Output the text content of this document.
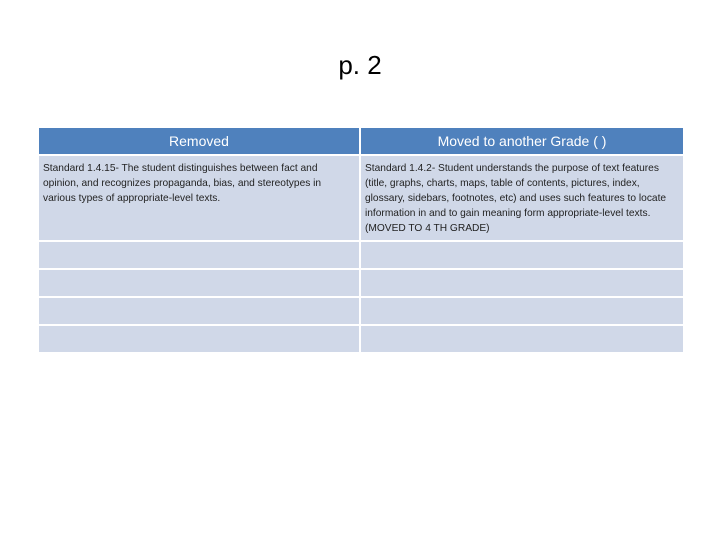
p. 2
Removed	Moved to another Grade ( )

Standard 1.4.15- The student distinguishes between fact and opinion, and recognizes propaganda, bias, and stereotypes in various types of appropriate-level texts.	Standard 1.4.2- Student understands the purpose of text features (title, graphs, charts, maps, table of contents, pictures, index, glossary, sidebars, footnotes, etc) and uses such features to locate information in and to gain meaning form appropriate-level texts. (MOVED TO 4 TH GRADE)
